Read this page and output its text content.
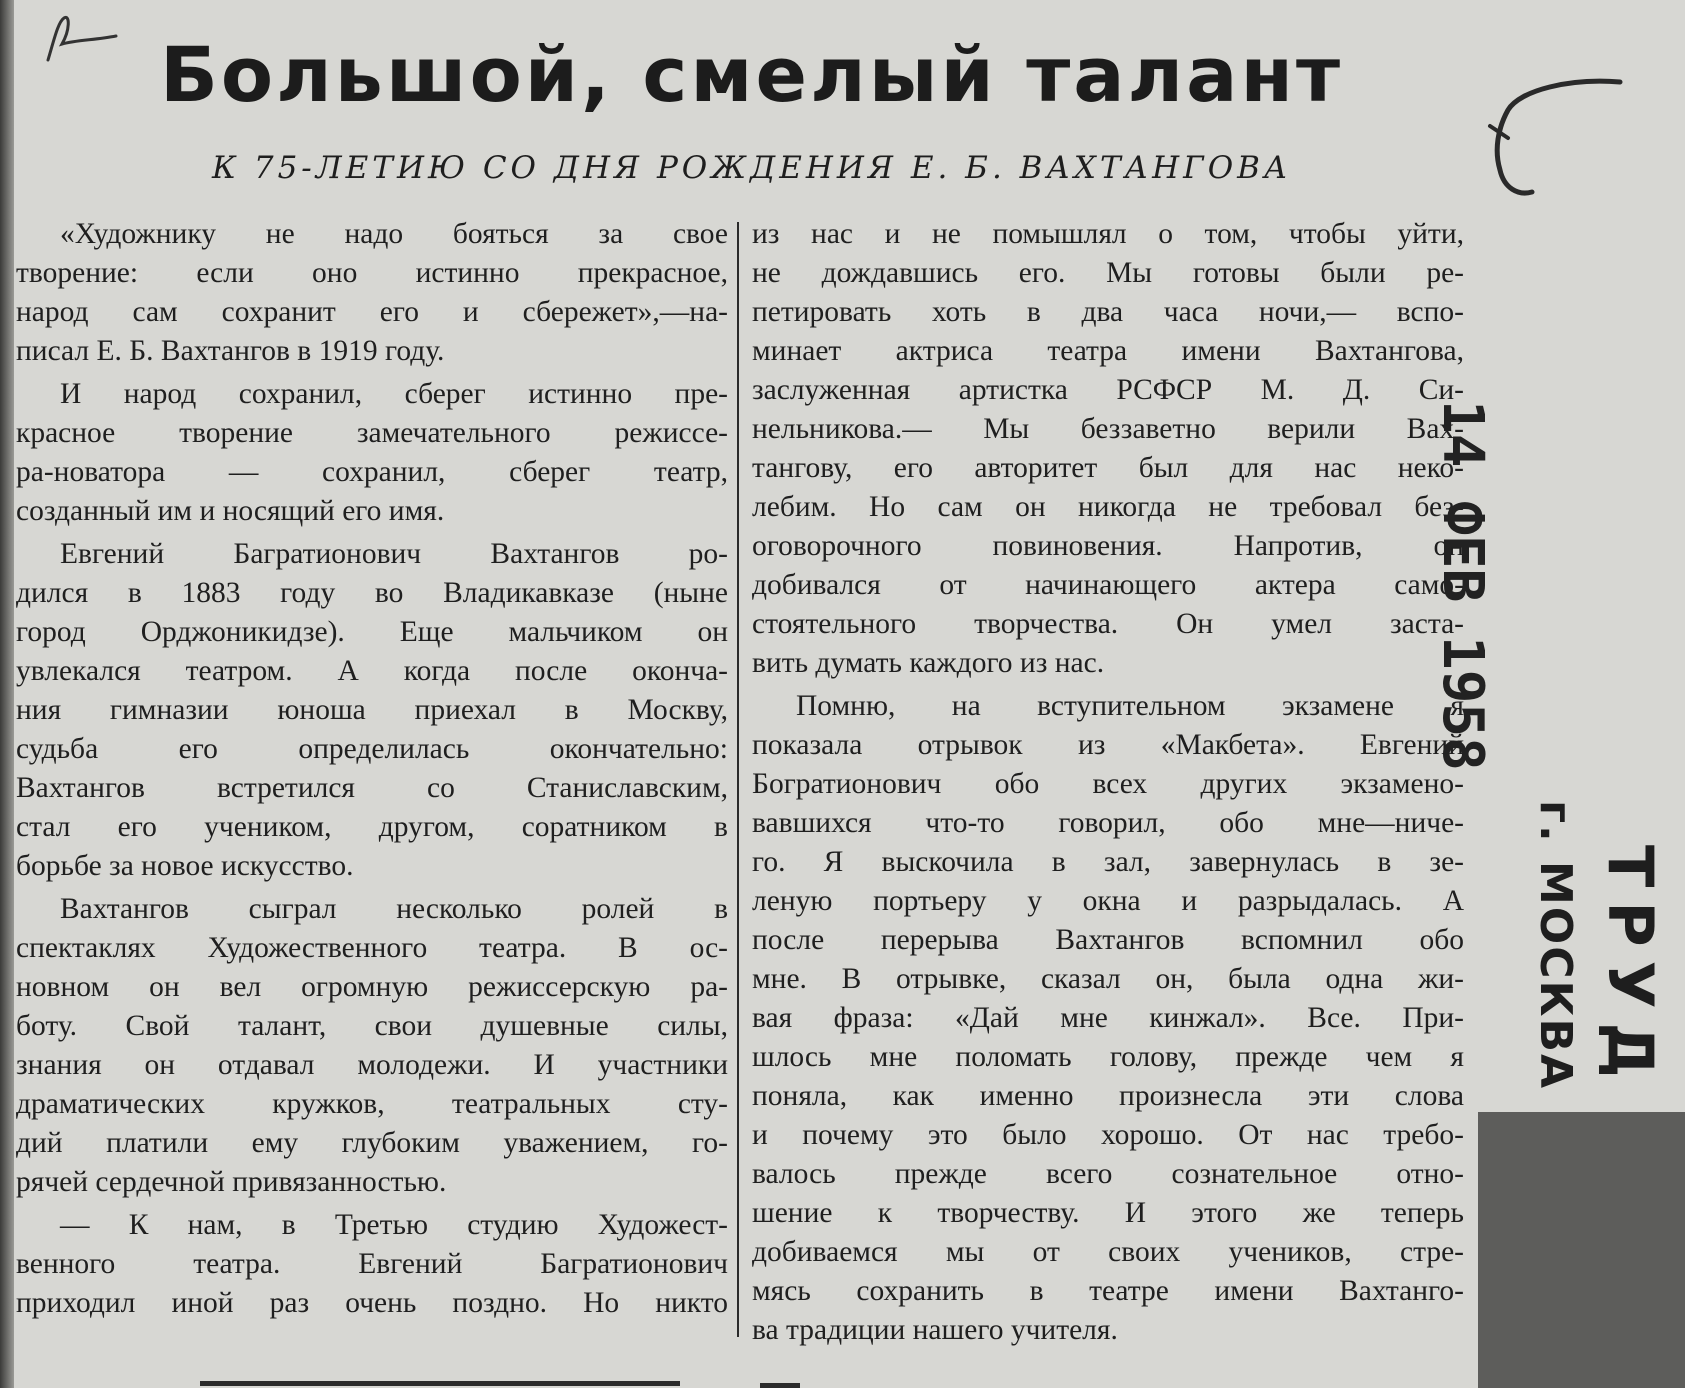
Большой, смелый талант
К 75-ЛЕТИЮ СО ДНЯ РОЖДЕНИЯ Е. Б. ВАХТАНГОВА
«Художнику не надо бояться за свое
творение: если оно истинно прекрасное,
народ сам сохранит его и сбережет»,—на-
писал Е. Б. Вахтангов в 1919 году.
И народ сохранил, сберег истинно пре-
красное творение замечательного режиссе-
ра-новатора — сохранил, сберег театр,
созданный им и носящий его имя.
Евгений Багратионович Вахтангов ро-
дился в 1883 году во Владикавказе (ныне
город Орджоникидзе). Еще мальчиком он
увлекался театром. А когда после оконча-
ния гимназии юноша приехал в Москву,
судьба его определилась окончательно:
Вахтангов встретился со Станиславским,
стал его учеником, другом, соратником в
борьбе за новое искусство.
Вахтангов сыграл несколько ролей в
спектаклях Художественного театра. В ос-
новном он вел огромную режиссерскую ра-
боту. Свой талант, свои душевные силы,
знания он отдавал молодежи. И участники
драматических кружков, театральных сту-
дий платили ему глубоким уважением, го-
рячей сердечной привязанностью.
— К нам, в Третью студию Художест-
венного театра. Евгений Багратионович
приходил иной раз очень поздно. Но никто
из нас и не помышлял о том, чтобы уйти,
не дождавшись его. Мы готовы были ре-
петировать хоть в два часа ночи,— вспо-
минает актриса театра имени Вахтангова,
заслуженная артистка РСФСР М. Д. Си-
нельникова.— Мы беззаветно верили Вах-
тангову, его авторитет был для нас неко-
лебим. Но сам он никогда не требовал без-
оговорочного повиновения. Напротив, он
добивался от начинающего актера само-
стоятельного творчества. Он умел заста-
вить думать каждого из нас.
Помню, на вступительном экзамене я
показала отрывок из «Макбета». Евгений
Богратионович обо всех других экзамено-
вавшихся что-то говорил, обо мне—ниче-
го. Я выскочила в зал, завернулась в зе-
леную портьеру у окна и разрыдалась. А
после перерыва Вахтангов вспомнил обо
мне. В отрывке, сказал он, была одна жи-
вая фраза: «Дай мне кинжал». Все. При-
шлось мне поломать голову, прежде чем я
поняла, как именно произнесла эти слова
и почему это было хорошо. От нас требо-
валось прежде всего сознательное отно-
шение к творчеству. И этого же теперь
добиваемся мы от своих учеников, стре-
мясь сохранить в театре имени Вахтанго-
ва традиции нашего учителя.
14 ФЕВ 1958
ТРУД
г. МОСКВА
